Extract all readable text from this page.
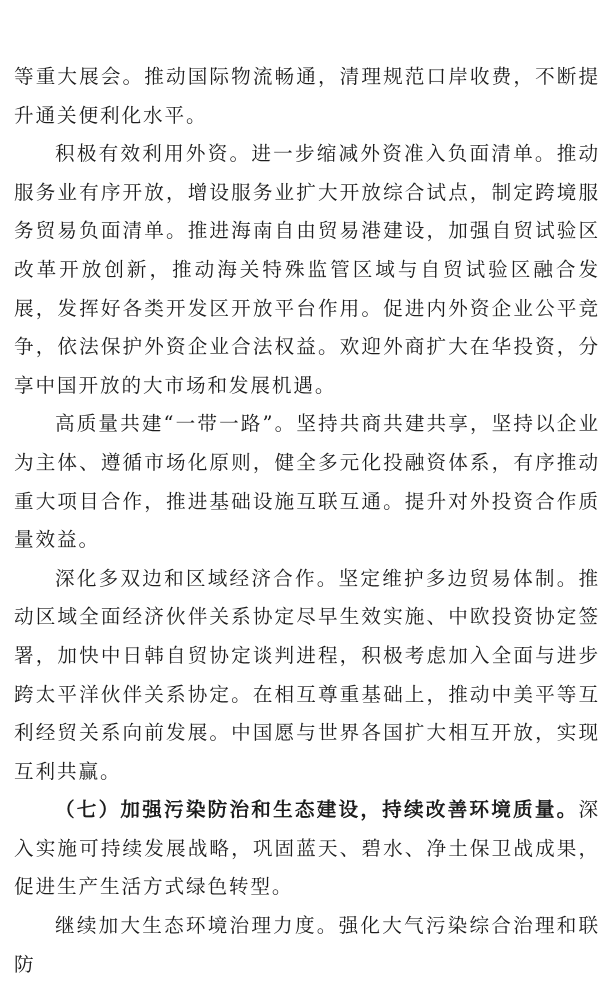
等重大展会。推动国际物流畅通，清理规范口岸收费，不断提升通关便利化水平。

积极有效利用外资。进一步缩减外资准入负面清单。推动服务业有序开放，增设服务业扩大开放综合试点，制定跨境服务贸易负面清单。推进海南自由贸易港建设，加强自贸试验区改革开放创新，推动海关特殊监管区域与自贸试验区融合发展，发挥好各类开发区开放平台作用。促进内外资企业公平竞争，依法保护外资企业合法权益。欢迎外商扩大在华投资，分享中国开放的大市场和发展机遇。

高质量共建“一带一路”。坚持共商共建共享，坚持以企业为主体、遵循市场化原则，健全多元化投融资体系，有序推动重大项目合作，推进基础设施互联互通。提升对外投资合作质量效益。

深化多双边和区域经济合作。坚定维护多边贸易体制。推动区域全面经济伙伴关系协定尽早生效实施、中欧投资协定签署，加快中日韩自贸协定谈判进程，积极考虑加入全面与进步跨太平洋伙伴关系协定。在相互尊重基础上，推动中美平等互利经贸关系向前发展。中国愿与世界各国扩大相互开放，实现互利共赢。

（七）加强污染防治和生态建设，持续改善环境质量。深入实施可持续发展战略，巩固蓝天、碧水、净土保卫战成果，促进生产生活方式绿色转型。

继续加大生态环境治理力度。强化大气污染综合治理和联防
